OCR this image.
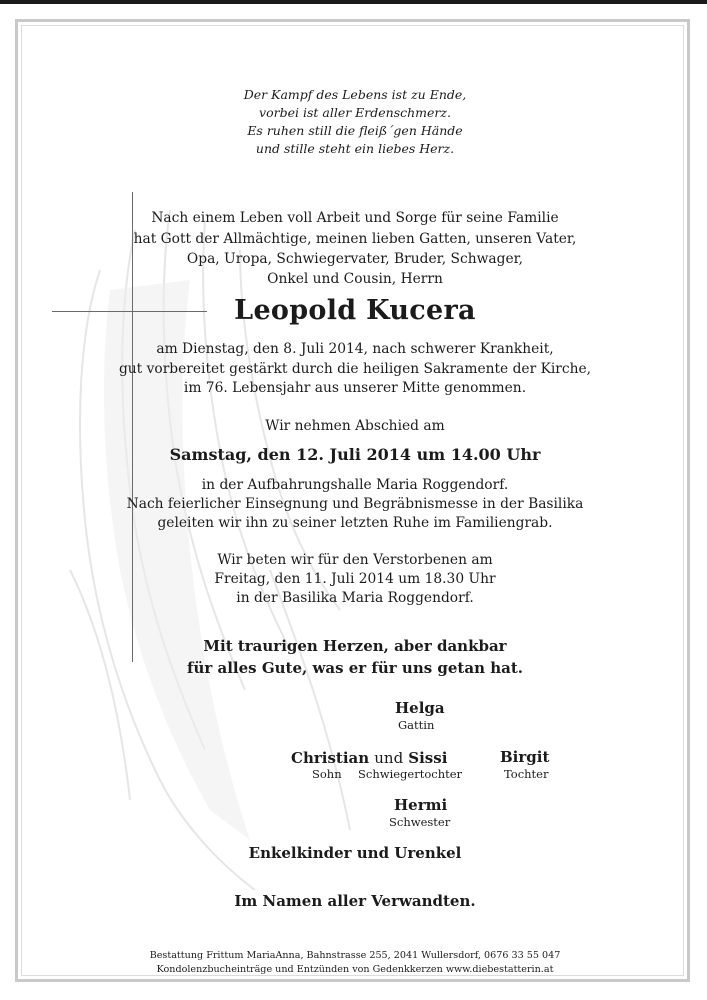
Der Kampf des Lebens ist zu Ende,
vorbei ist aller Erdenschmerz.
Es ruhen still die fleiß´gen Hände
und stille steht ein liebes Herz.
Nach einem Leben voll Arbeit und Sorge für seine Familie
hat Gott der Allmächtige, meinen lieben Gatten, unseren Vater,
Opa, Uropa, Schwiegervater, Bruder, Schwager,
Onkel und Cousin, Herrn
Leopold Kucera
am Dienstag, den 8. Juli 2014, nach schwerer Krankheit,
gut vorbereitet gestärkt durch die heiligen Sakramente der Kirche,
im 76. Lebensjahr aus unserer Mitte genommen.
Wir nehmen Abschied am
Samstag, den 12. Juli 2014 um 14.00 Uhr
in der Aufbahrungshalle Maria Roggendorf.
Nach feierlicher Einsegnung und Begräbnismesse in der Basilika
geleiten wir ihn zu seiner letzten Ruhe im Familiengrab.
Wir beten wir für den Verstorbenen am
Freitag, den 11. Juli 2014 um 18.30 Uhr
in der Basilika Maria Roggendorf.
Mit traurigen Herzen, aber dankbar
für alles Gute, was er für uns getan hat.
Helga
Gattin
Christian und Sissi
Sohn Schwiegertochter
Birgit
Tochter
Hermi
Schwester
Enkelkinder und Urenkel
Im Namen aller Verwandten.
Bestattung Frittum MariaAnna, Bahnstrasse 255, 2041 Wullersdorf, 0676 33 55 047
Kondolenzbucheinträge und Entzünden von Gedenkkerzen www.diebestatterin.at
